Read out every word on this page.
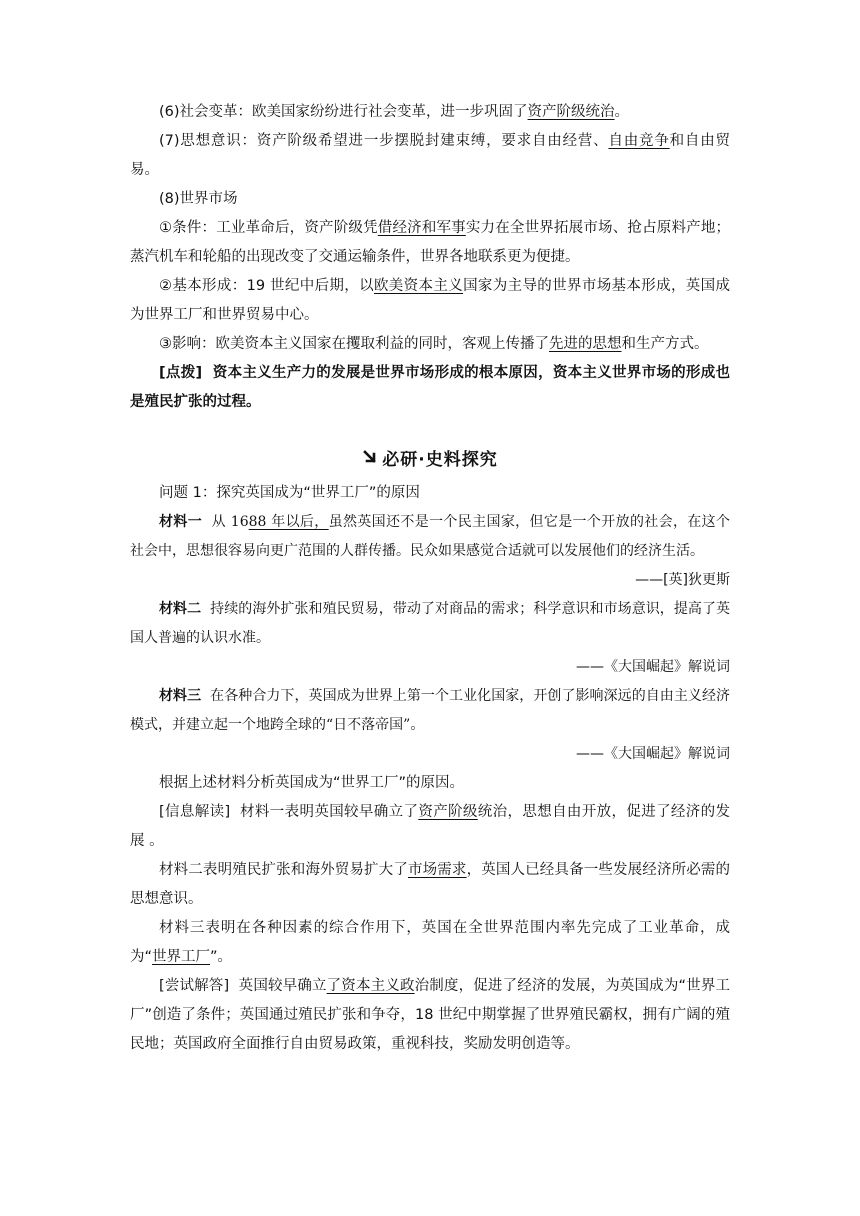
(6)社会变革：欧美国家纷纷进行社会变革，进一步巩固了资产阶级统治。

(7)思想意识：资产阶级希望进一步摆脱封建束缚，要求自由经营、自由竞争和自由贸易。

(8)世界市场

①条件：工业革命后，资产阶级凭借经济和军事实力在全世界拓展市场、抢占原料产地；蒸汽机车和轮船的出现改变了交通运输条件，世界各地联系更为便捷。

②基本形成：19 世纪中后期，以欧美资本主义国家为主导的世界市场基本形成，英国成为世界工厂和世界贸易中心。

③影响：欧美资本主义国家在攫取利益的同时，客观上传播了先进的思想和生产方式。

[点拨] 资本主义生产力的发展是世界市场形成的根本原因，资本主义世界市场的形成也是殖民扩张的过程。

必研·史料探究

问题 1：探究英国成为“世界工厂”的原因

材料一 从 1688 年以后，虽然英国还不是一个民主国家，但它是一个开放的社会，在这个社会中，思想很容易向更广范围的人群传播。民众如果感觉合适就可以发展他们的经济生活。

——[英]狄更斯

材料二 持续的海外扩张和殖民贸易，带动了对商品的需求；科学意识和市场意识，提高了英国人普遍的认识水准。

——《大国崛起》解说词

材料三 在各种合力下，英国成为世界上第一个工业化国家，开创了影响深远的自由主义经济模式，并建立起一个地跨全球的“日不落帝国”。

——《大国崛起》解说词

根据上述材料分析英国成为“世界工厂”的原因。

[信息解读] 材料一表明英国较早确立了资产阶级统治，思想自由开放，促进了经济的发展 。

材料二表明殖民扩张和海外贸易扩大了市场需求，英国人已经具备一些发展经济所必需的思想意识。

材料三表明在各种因素的综合作用下，英国在全世界范围内率先完成了工业革命，成为“世界工厂”。

[尝试解答] 英国较早确立了资本主义政治制度，促进了经济的发展，为英国成为“世界工厂”创造了条件；英国通过殖民扩张和争夺，18 世纪中期掌握了世界殖民霸权，拥有广阔的殖民地；英国政府全面推行自由贸易政策，重视科技，奖励发明创造等。
